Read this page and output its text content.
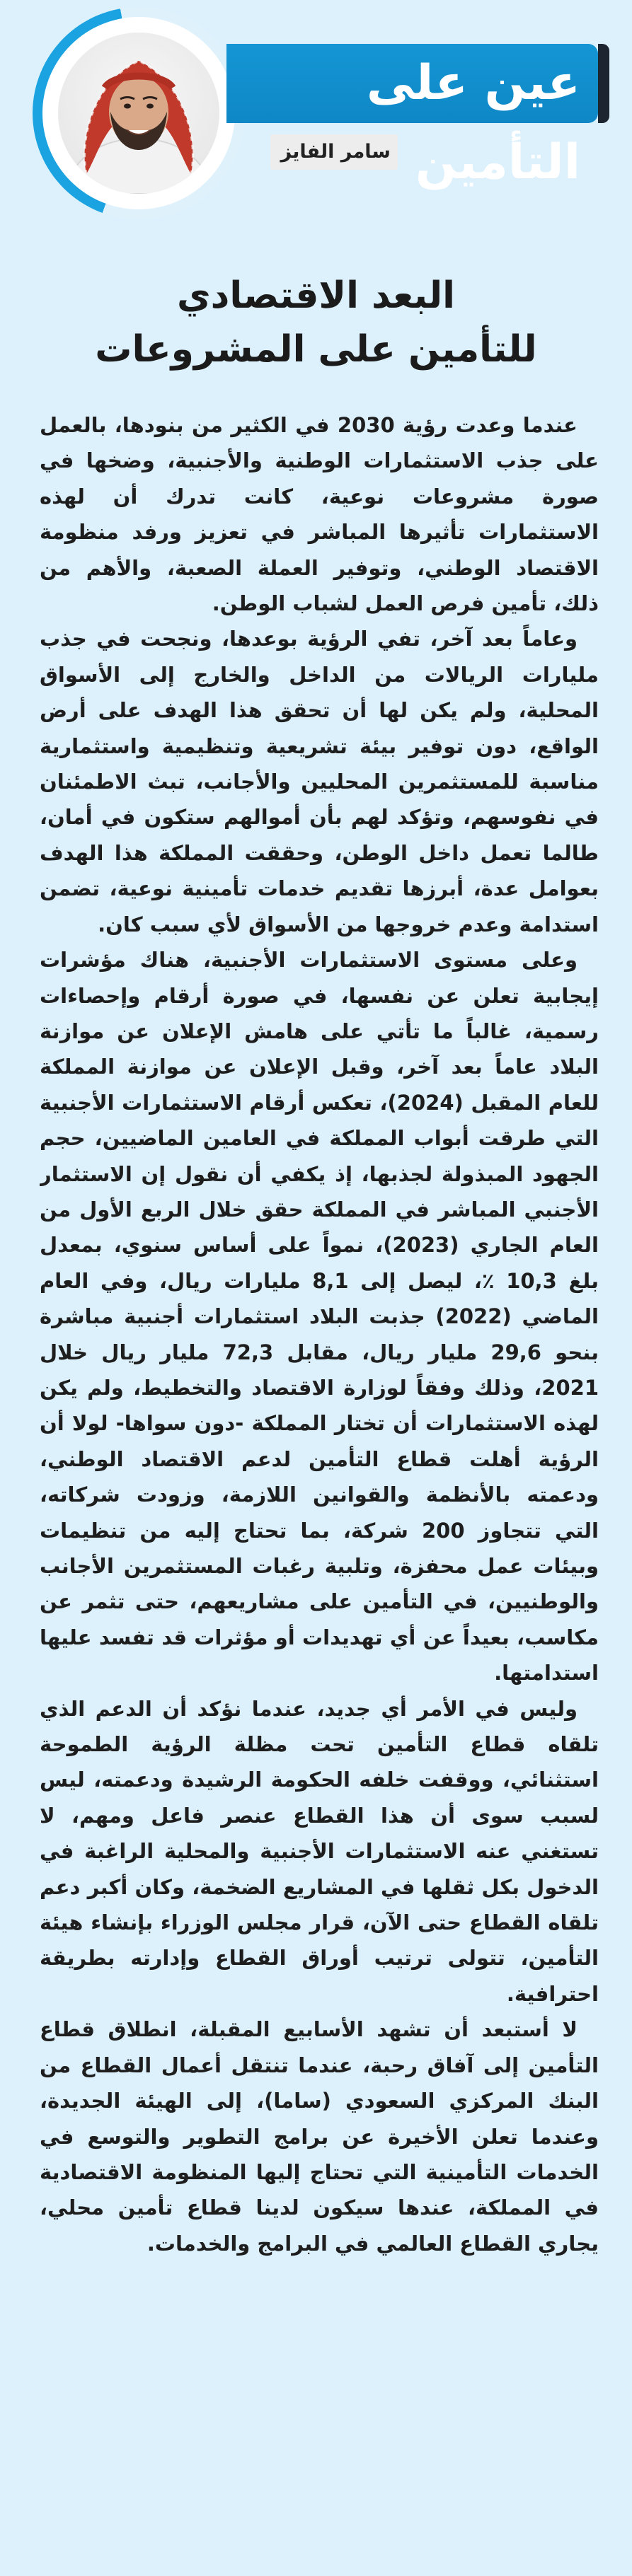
عين على التأمين
سامر الفايز
البعد الاقتصادي
للتأمين على المشروعات

عندما وعدت رؤية 2030 في الكثير من بنودها، بالعمل على جذب الاستثمارات الوطنية والأجنبية، وضخها في صورة مشروعات نوعية، كانت تدرك أن لهذه الاستثمارات تأثيرها المباشر في تعزيز ورفد منظومة الاقتصاد الوطني، وتوفير العملة الصعبة، والأهم من ذلك، تأمين فرص العمل لشباب الوطن.

وعاماً بعد آخر، تفي الرؤية بوعدها، ونجحت في جذب مليارات الريالات من الداخل والخارج إلى الأسواق المحلية، ولم يكن لها أن تحقق هذا الهدف على أرض الواقع، دون توفير بيئة تشريعية وتنظيمية واستثمارية مناسبة للمستثمرين المحليين والأجانب، تبث الاطمئنان في نفوسهم، وتؤكد لهم بأن أموالهم ستكون في أمان، طالما تعمل داخل الوطن، وحققت المملكة هذا الهدف بعوامل عدة، أبرزها تقديم خدمات تأمينية نوعية، تضمن استدامة وعدم خروجها من الأسواق لأي سبب كان.

وعلى مستوى الاستثمارات الأجنبية، هناك مؤشرات إيجابية تعلن عن نفسها، في صورة أرقام وإحصاءات رسمية، غالباً ما تأتي على هامش الإعلان عن موازنة البلاد عاماً بعد آخر، وقبل الإعلان عن موازنة المملكة للعام المقبل (2024)، تعكس أرقام الاستثمارات الأجنبية التي طرقت أبواب المملكة في العامين الماضيين، حجم الجهود المبذولة لجذبها، إذ يكفي أن نقول إن الاستثمار الأجنبي المباشر في المملكة حقق خلال الربع الأول من العام الجاري (2023)، نمواً على أساس سنوي، بمعدل بلغ 10,3 ٪، ليصل إلى 8,1 مليارات ريال، وفي العام الماضي (2022) جذبت البلاد استثمارات أجنبية مباشرة بنحو 29,6 مليار ريال، مقابل 72,3 مليار ريال خلال 2021، وذلك وفقاً لوزارة الاقتصاد والتخطيط، ولم يكن لهذه الاستثمارات أن تختار المملكة -دون سواها- لولا أن الرؤية أهلت قطاع التأمين لدعم الاقتصاد الوطني، ودعمته بالأنظمة والقوانين اللازمة، وزودت شركاته، التي تتجاوز 200 شركة، بما تحتاج إليه من تنظيمات وبيئات عمل محفزة، وتلبية رغبات المستثمرين الأجانب والوطنيين، في التأمين على مشاريعهم، حتى تثمر عن مكاسب، بعيداً عن أي تهديدات أو مؤثرات قد تفسد عليها استدامتها.

وليس في الأمر أي جديد، عندما نؤكد أن الدعم الذي تلقاه قطاع التأمين تحت مظلة الرؤية الطموحة استثنائي، ووقفت خلفه الحكومة الرشيدة ودعمته، ليس لسبب سوى أن هذا القطاع عنصر فاعل ومهم، لا تستغني عنه الاستثمارات الأجنبية والمحلية الراغبة في الدخول بكل ثقلها في المشاريع الضخمة، وكان أكبر دعم تلقاه القطاع حتى الآن، قرار مجلس الوزراء بإنشاء هيئة التأمين، تتولى ترتيب أوراق القطاع وإدارته بطريقة احترافية.

لا أستبعد أن تشهد الأسابيع المقبلة، انطلاق قطاع التأمين إلى آفاق رحبة، عندما تنتقل أعمال القطاع من البنك المركزي السعودي (ساما)، إلى الهيئة الجديدة، وعندما تعلن الأخيرة عن برامج التطوير والتوسع في الخدمات التأمينية التي تحتاج إليها المنظومة الاقتصادية في المملكة، عندها سيكون لدينا قطاع تأمين محلي، يجاري القطاع العالمي في البرامج والخدمات.
